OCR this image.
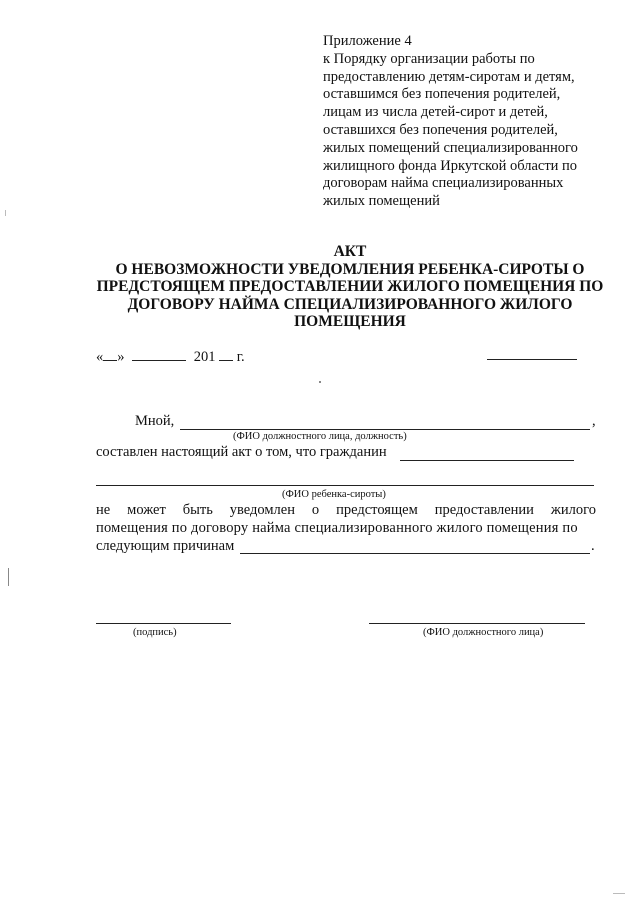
Приложение 4
к Порядку организации работы по
предоставлению детям-сиротам и детям,
оставшимся без попечения родителей,
лицам из числа детей-сирот и детей,
оставшихся без попечения родителей,
жилых помещений специализированного
жилищного фонда Иркутской области по
договорам найма специализированных
жилых помещений
АКТ
О НЕВОЗМОЖНОСТИ УВЕДОМЛЕНИЯ РЕБЕНКА-СИРОТЫ О
ПРЕДСТОЯЩЕМ ПРЕДОСТАВЛЕНИИ ЖИЛОГО ПОМЕЩЕНИЯ ПО
ДОГОВОРУ НАЙМА СПЕЦИАЛИЗИРОВАННОГО ЖИЛОГО
ПОМЕЩЕНИЯ
« »	201 г.
Мной,	,
(ФИО должностного лица, должность)
составлен настоящий акт о том, что гражданин
(ФИО ребенка-сироты)
не может быть уведомлен о предстоящем предоставлении жилого
помещения по договору найма специализированного жилого помещения по
следующим причинам	.
(подпись)	(ФИО должностного лица)
